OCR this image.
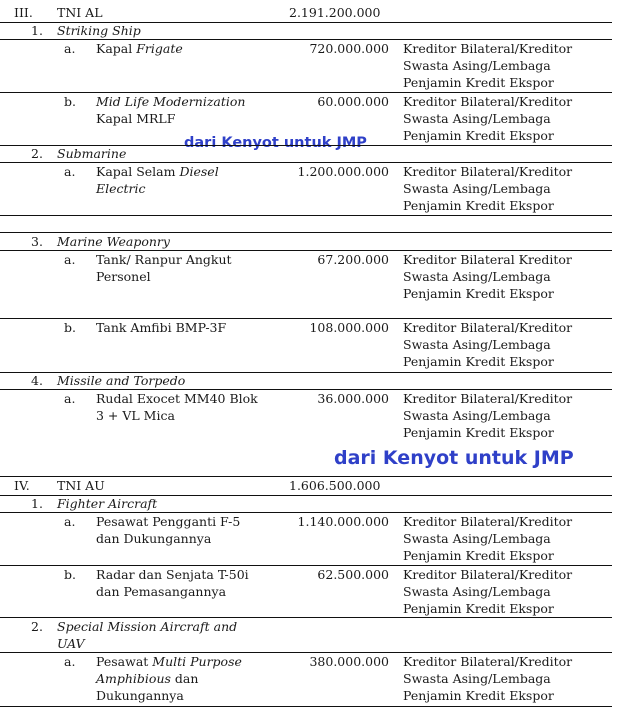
III. TNI AL	2.191.200.000
1. Striking Ship
a. Kapal Frigate	720.000.000 Kreditor Bilateral/Kreditor
Swasta Asing/Lembaga
Penjamin Kredit Ekspor
b. Mid Life Modernization
Kapal MRLF
60.000.000 Kreditor Bilateral/Kreditor
Swasta Asing/Lembaga
Penjamin Kredit Ekspor
dari Kenyot untuk JMP
2. Submarine
a. Kapal Selam Diesel
Electric
1.200.000.000 Kreditor Bilateral/Kreditor
Swasta Asing/Lembaga
Penjamin Kredit Ekspor
3. Marine Weaponry
a. Tank/ Ranpur Angkut
Personel
67.200.000 Kreditor Bilateral Kreditor
Swasta Asing/Lembaga
Penjamin Kredit Ekspor
b. Tank Amfibi BMP-3F	108.000.000 Kreditor Bilateral/Kreditor
Swasta Asing/Lembaga
Penjamin Kredit Ekspor
4. Missile and Torpedo
a. Rudal Exocet MM40 Blok
3 + VL Mica
36.000.000 Kreditor Bilateral/Kreditor
Swasta Asing/Lembaga
Penjamin Kredit Ekspor
dari Kenyot untuk JMP
IV. TNI AU	1.606.500.000
1. Fighter Aircraft
a. Pesawat Pengganti F-5
dan Dukungannya
1.140.000.000 Kreditor Bilateral/Kreditor
Swasta Asing/Lembaga
Penjamin Kredit Ekspor
b. Radar dan Senjata T-50i
dan Pemasangannya
62.500.000 Kreditor Bilateral/Kreditor
Swasta Asing/Lembaga
Penjamin Kredit Ekspor
2. Special Mission Aircraft and
UAV
a. Pesawat Multi Purpose
Amphibious dan
Dukungannya
380.000.000 Kreditor Bilateral/Kreditor
Swasta Asing/Lembaga
Penjamin Kredit Ekspor
